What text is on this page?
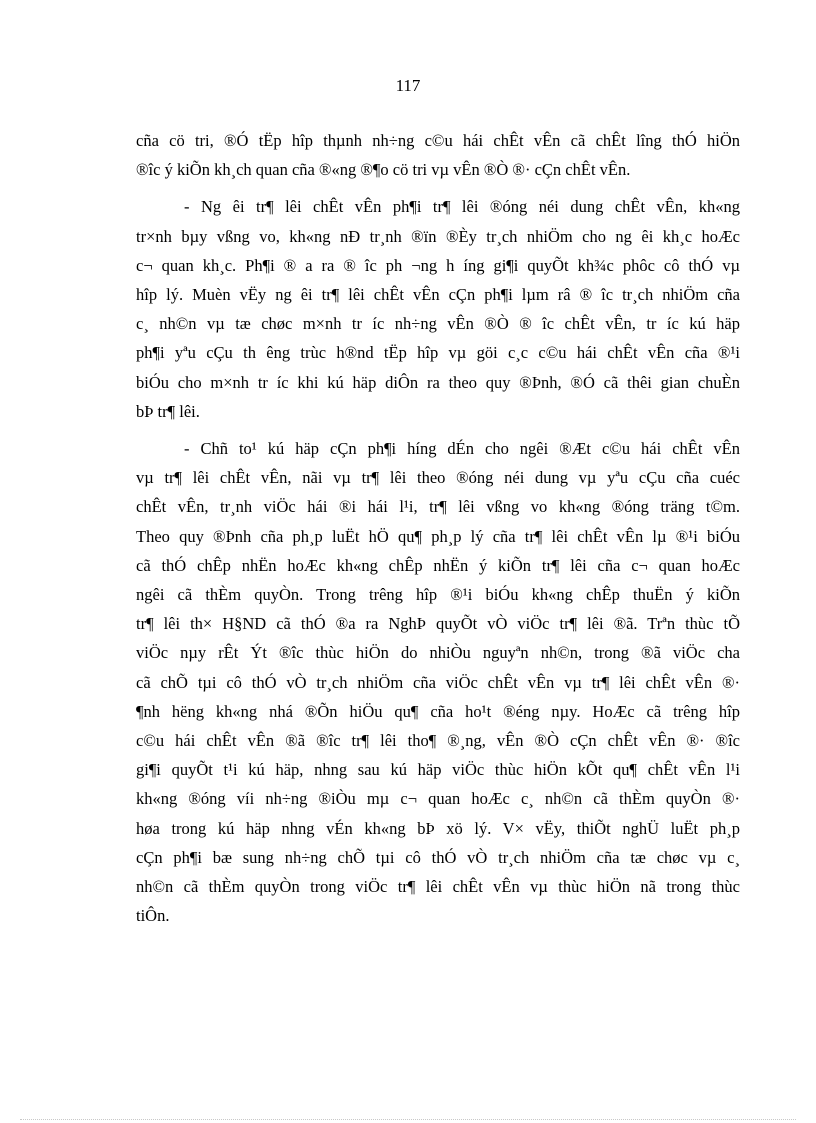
117
cña cö tri, ®Ó tËp hîp thµnh nh÷ng c©u hái chÊt vÊn cã chÊt lîng thÓ hiÖn
®îc ý kiÕn kh¸ch quan cña ®«ng ®¶o cö tri vµ vÊn ®Ò ®· cÇn chÊt vÊn.
- Ng êi tr¶ lêi chÊt vÊn ph¶i tr¶ lêi ®óng néi dung chÊt vÊn, kh«ng
tr×nh bµy vßng vo, kh«ng nÐ tr¸nh ®ïn ®Èy tr¸ch nhiÖm cho ng êi kh¸c hoÆc
c¬ quan kh¸c. Ph¶i ® a ra ® îc ph ¬ng h íng gi¶i quyÕt kh¾c phôc cô thÓ vµ
hîp lý. Muèn vËy ng êi tr¶ lêi chÊt vÊn cÇn ph¶i lµm râ ® îc tr¸ch nhiÖm cña
c¸ nh©n vµ tæ chøc m×nh tr íc nh÷ng vÊn ®Ò ® îc chÊt vÊn, tr íc kú häp
ph¶i yªu cÇu th êng trùc h®nd tËp hîp vµ göi c¸c c©u hái chÊt vÊn cña ®¹i
biÓu cho m×nh tr íc khi kú häp diÔn ra theo quy ®Þnh, ®Ó cã thêi gian chuÈn
bÞ tr¶ lêi.
- Chñ to¹ kú häp cÇn ph¶i híng dÉn cho ngêi ®Æt c©u hái chÊt vÊn
vµ tr¶ lêi chÊt vÊn, nãi vµ tr¶ lêi theo ®óng néi dung vµ yªu cÇu cña cuéc
chÊt vÊn, tr¸nh viÖc hái ®i hái l¹i, tr¶ lêi vßng vo kh«ng ®óng träng t©m.
Theo quy ®Þnh cña ph¸p luËt hÖ qu¶ ph¸p lý cña tr¶ lêi chÊt vÊn lµ ®¹i biÓu
cã thÓ chÊp nhËn hoÆc kh«ng chÊp nhËn ý kiÕn tr¶ lêi cña c¬ quan hoÆc
ngêi cã thÈm quyÒn. Trong trêng hîp ®¹i biÓu kh«ng chÊp thuËn ý kiÕn
tr¶ lêi th× H§ND cã thÓ ®a ra NghÞ quyÕt vÒ viÖc tr¶ lêi ®ã. Trªn thùc tÕ
viÖc nµy rÊt Ýt ®îc thùc hiÖn do nhiÒu nguyªn nh©n, trong ®ã viÖc cha
cã chÕ tµi cô thÓ vÒ tr¸ch nhiÖm cña viÖc chÊt vÊn vµ tr¶ lêi chÊt vÊn ®·
¶nh hëng kh«ng nhá ®Õn hiÖu qu¶ cña ho¹t ®éng nµy. HoÆc cã trêng hîp
c©u hái chÊt vÊn ®ã ®îc tr¶ lêi tho¶ ®¸ng, vÊn ®Ò cÇn chÊt vÊn ®· ®îc
gi¶i quyÕt t¹i kú häp, nhng sau kú häp viÖc thùc hiÖn kÕt qu¶ chÊt vÊn l¹i
kh«ng ®óng víi nh÷ng ®iÒu mµ c¬ quan hoÆc c¸ nh©n cã thÈm quyÒn ®·
høa trong kú häp nhng vÉn kh«ng bÞ xö lý. V× vËy, thiÕt nghÜ luËt ph¸p
cÇn ph¶i bæ sung nh÷ng chÕ tµi cô thÓ vÒ tr¸ch nhiÖm cña tæ chøc vµ c¸
nh©n cã thÈm quyÒn trong viÖc tr¶ lêi chÊt vÊn vµ thùc hiÖn nã trong thùc
tiÔn.
